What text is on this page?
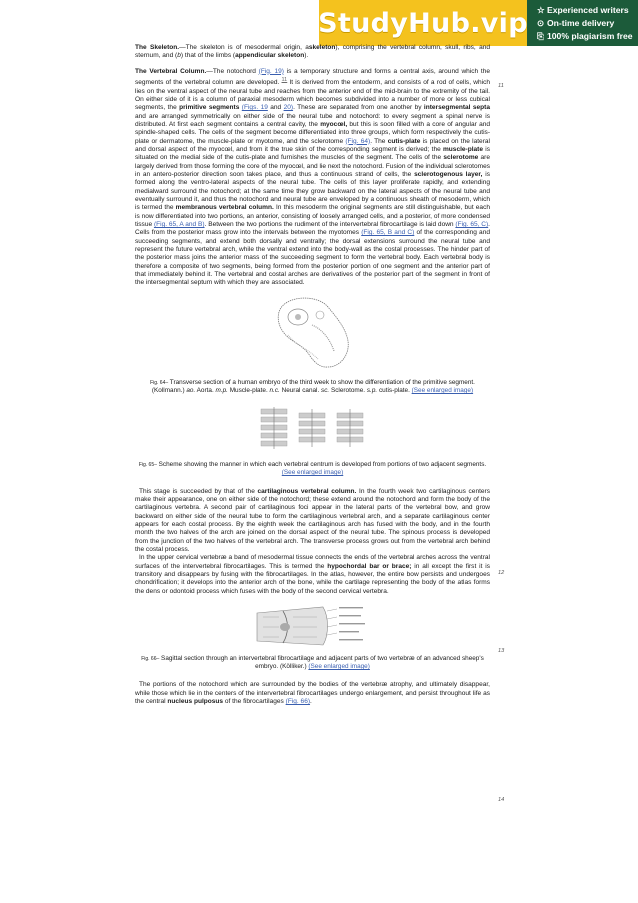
StudyHub.vip ☆ Experienced writers
⊙ On-time delivery
⎘ 100% plagiarism free
11
12
13
14

The Skeleton.—The skeleton is of mesodermal origin, askeleton), comprising the vertebral column, skull, ribs, and sternum, and (b) that of the limbs (appendicular skeleton).

The Vertebral Column.—The notochord (Fig. 19) is a temporary structure and forms a central axis, around which the segments of the vertebral column are developed. $^{11}$ It is derived from the entoderm, and consists of a rod of cells, which lies on the ventral aspect of the neural tube and reaches from the anterior end of the mid-brain to the extremity of the tail. On either side of it is a column of paraxial mesoderm which becomes subdivided into a number of more or less cubical segments, the primitive segments (Figs. 19 and 20). These are separated from one another by intersegmental septa and are arranged symmetrically on either side of the neural tube and notochord: to every segment a spinal nerve is distributed. At first each segment contains a central cavity, the myocœl, but this is soon filled with a core of angular and spindle-shaped cells. The cells of the segment become differentiated into three groups, which form respectively the cutis-plate or dermatome, the muscle-plate or myotome, and the sclerotome (Fig. 64). The cutis-plate is placed on the lateral and dorsal aspect of the myocœl, and from it the true skin of the corresponding segment is derived; the muscle-plate is situated on the medial side of the cutis-plate and furnishes the muscles of the segment. The cells of the sclerotome are largely derived from those forming the core of the myocœl, and lie next the notochord. Fusion of the individual sclerotomes in an antero-posterior direction soon takes place, and thus a continuous strand of cells, the sclerotogenous layer, is formed along the ventro-lateral aspects of the neural tube. The cells of this layer proliferate rapidly, and extending medialward surround the notochord; at the same time they grow backward on the lateral aspects of the neural tube and eventually surround it, and thus the notochord and neural tube are enveloped by a continuous sheath of mesoderm, which is termed the membranous vertebral column. In this mesoderm the original segments are still distinguishable, but each is now differentiated into two portions, an anterior, consisting of loosely arranged cells, and a posterior, of more condensed tissue (Fig. 65, A and B). Between the two portions the rudiment of the intervertebral fibrocartilage is laid down (Fig. 65, C). Cells from the posterior mass grow into the intervals between the myotomes (Fig. 65, B and C) of the corresponding and succeeding segments, and extend both dorsally and ventrally; the dorsal extensions surround the neural tube and represent the future vertebral arch, while the ventral extend into the body-wall as the costal processes. The hinder part of the posterior mass joins the anterior mass of the succeeding segment to form the vertebral body. Each vertebral body is therefore a composite of two segments, being formed from the posterior portion of one segment and the anterior part of that immediately behind it. The vertebral and costal arches are derivatives of the posterior part of the segment in front of the intersegmental septum with which they are associated.

Fig. 64– Transverse section of a human embryo of the third week to show the differentiation of the primitive segment. (Kollmann.) ao. Aorta. m.p. Muscle-plate. n.c. Neural canal. sc. Sclerotome. s.p. cutis-plate. (See enlarged image)
Fig. 65– Scheme showing the manner in which each vertebral centrum is developed from portions of two adjacent segments. (See enlarged image)

This stage is succeeded by that of the cartilaginous vertebral column. In the fourth week two cartilaginous centers make their appearance, one on either side of the notochord; these extend around the notochord and form the body of the cartilaginous vertebra. A second pair of cartilaginous foci appear in the lateral parts of the vertebral bow, and grow backward on either side of the neural tube to form the cartilaginous vertebral arch, and a separate cartilaginous center appears for each costal process. By the eighth week the cartilaginous arch has fused with the body, and in the fourth month the two halves of the arch are joined on the dorsal aspect of the neural tube. The spinous process is developed from the junction of the two halves of the vertebral arch. The transverse process grows out from the vertebral arch behind the costal process.

In the upper cervical vertebræ a band of mesodermal tissue connects the ends of the vertebral arches across the ventral surfaces of the intervertebral fibrocartilages. This is termed the hypochordal bar or brace; in all except the first it is transitory and disappears by fusing with the fibrocartilages. In the atlas, however, the entire bow persists and undergoes chondrification; it develops into the anterior arch of the bone, while the cartilage representing the body of the atlas forms the dens or odontoid process which fuses with the body of the second cervical vertebra.

Fig. 66– Sagittal section through an intervertebral fibrocartilage and adjacent parts of two vertebræ of an advanced sheep's embryo. (Kölliker.) (See enlarged image)

The portions of the notochord which are surrounded by the bodies of the vertebræ atrophy, and ultimately disappear, while those which lie in the centers of the intervertebral fibrocartilages undergo enlargement, and persist throughout life as the central nucleus pulposus of the fibrocartilages (Fig. 66).
